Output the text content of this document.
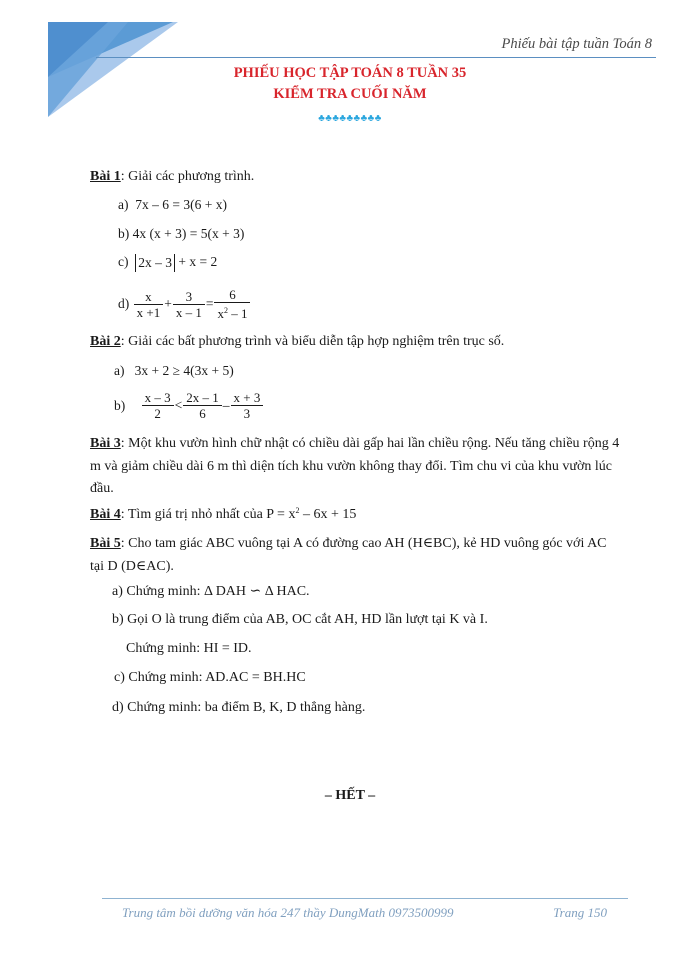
Phiếu bài tập tuần Toán 8
PHIẾU HỌC TẬP TOÁN 8 TUẦN 35
KIỂM TRA CUỐI NĂM
♣♣♣♣♣♣♣♣♣
Bài 1: Giải các phương trình.
a) 7x – 6 = 3(6 + x)
b) 4x (x + 3) = 5(x + 3)
c) 2x – 3 + x = 2
$d) \frac{x}{x +1} + \frac{3}{x - 1} = \frac{6}{x^2 - 1}$
Bài 2: Giải các bất phương trình và biểu diễn tập hợp nghiệm trên trục số.
a) 3x + 2 ≥ 4(3x + 5)
$b) \frac{x - 3}{2} < \frac{2x - 1}{6} - \frac{x + 3}{3}$
Bài 3: Một khu vườn hình chữ nhật có chiều dài gấp hai lần chiều rộng. Nếu tăng chiều rộng 4 m và giảm chiều dài 6 m thì diện tích khu vườn không thay đổi. Tìm chu vi của khu vườn lúc đầu.
Bài 4: Tìm giá trị nhỏ nhất của $P = x^2 - 6x + 15$
Bài 5: Cho tam giác ABC vuông tại A có đường cao AH (H∈BC), kẻ HD vuông góc với AC tại D (D∈AC).
a) Chứng minh: Δ DAH ∽ Δ HAC.
b) Gọi O là trung điểm của AB, OC cắt AH, HD lần lượt tại K và I.
Chứng minh: HI = ID.
c) Chứng minh: AD.AC = BH.HC
d) Chứng minh: ba điểm B, K, D thẳng hàng.
– HẾT –
Trung tâm bồi dưỡng văn hóa 247 thầy DungMath 0973500999	Trang 150
